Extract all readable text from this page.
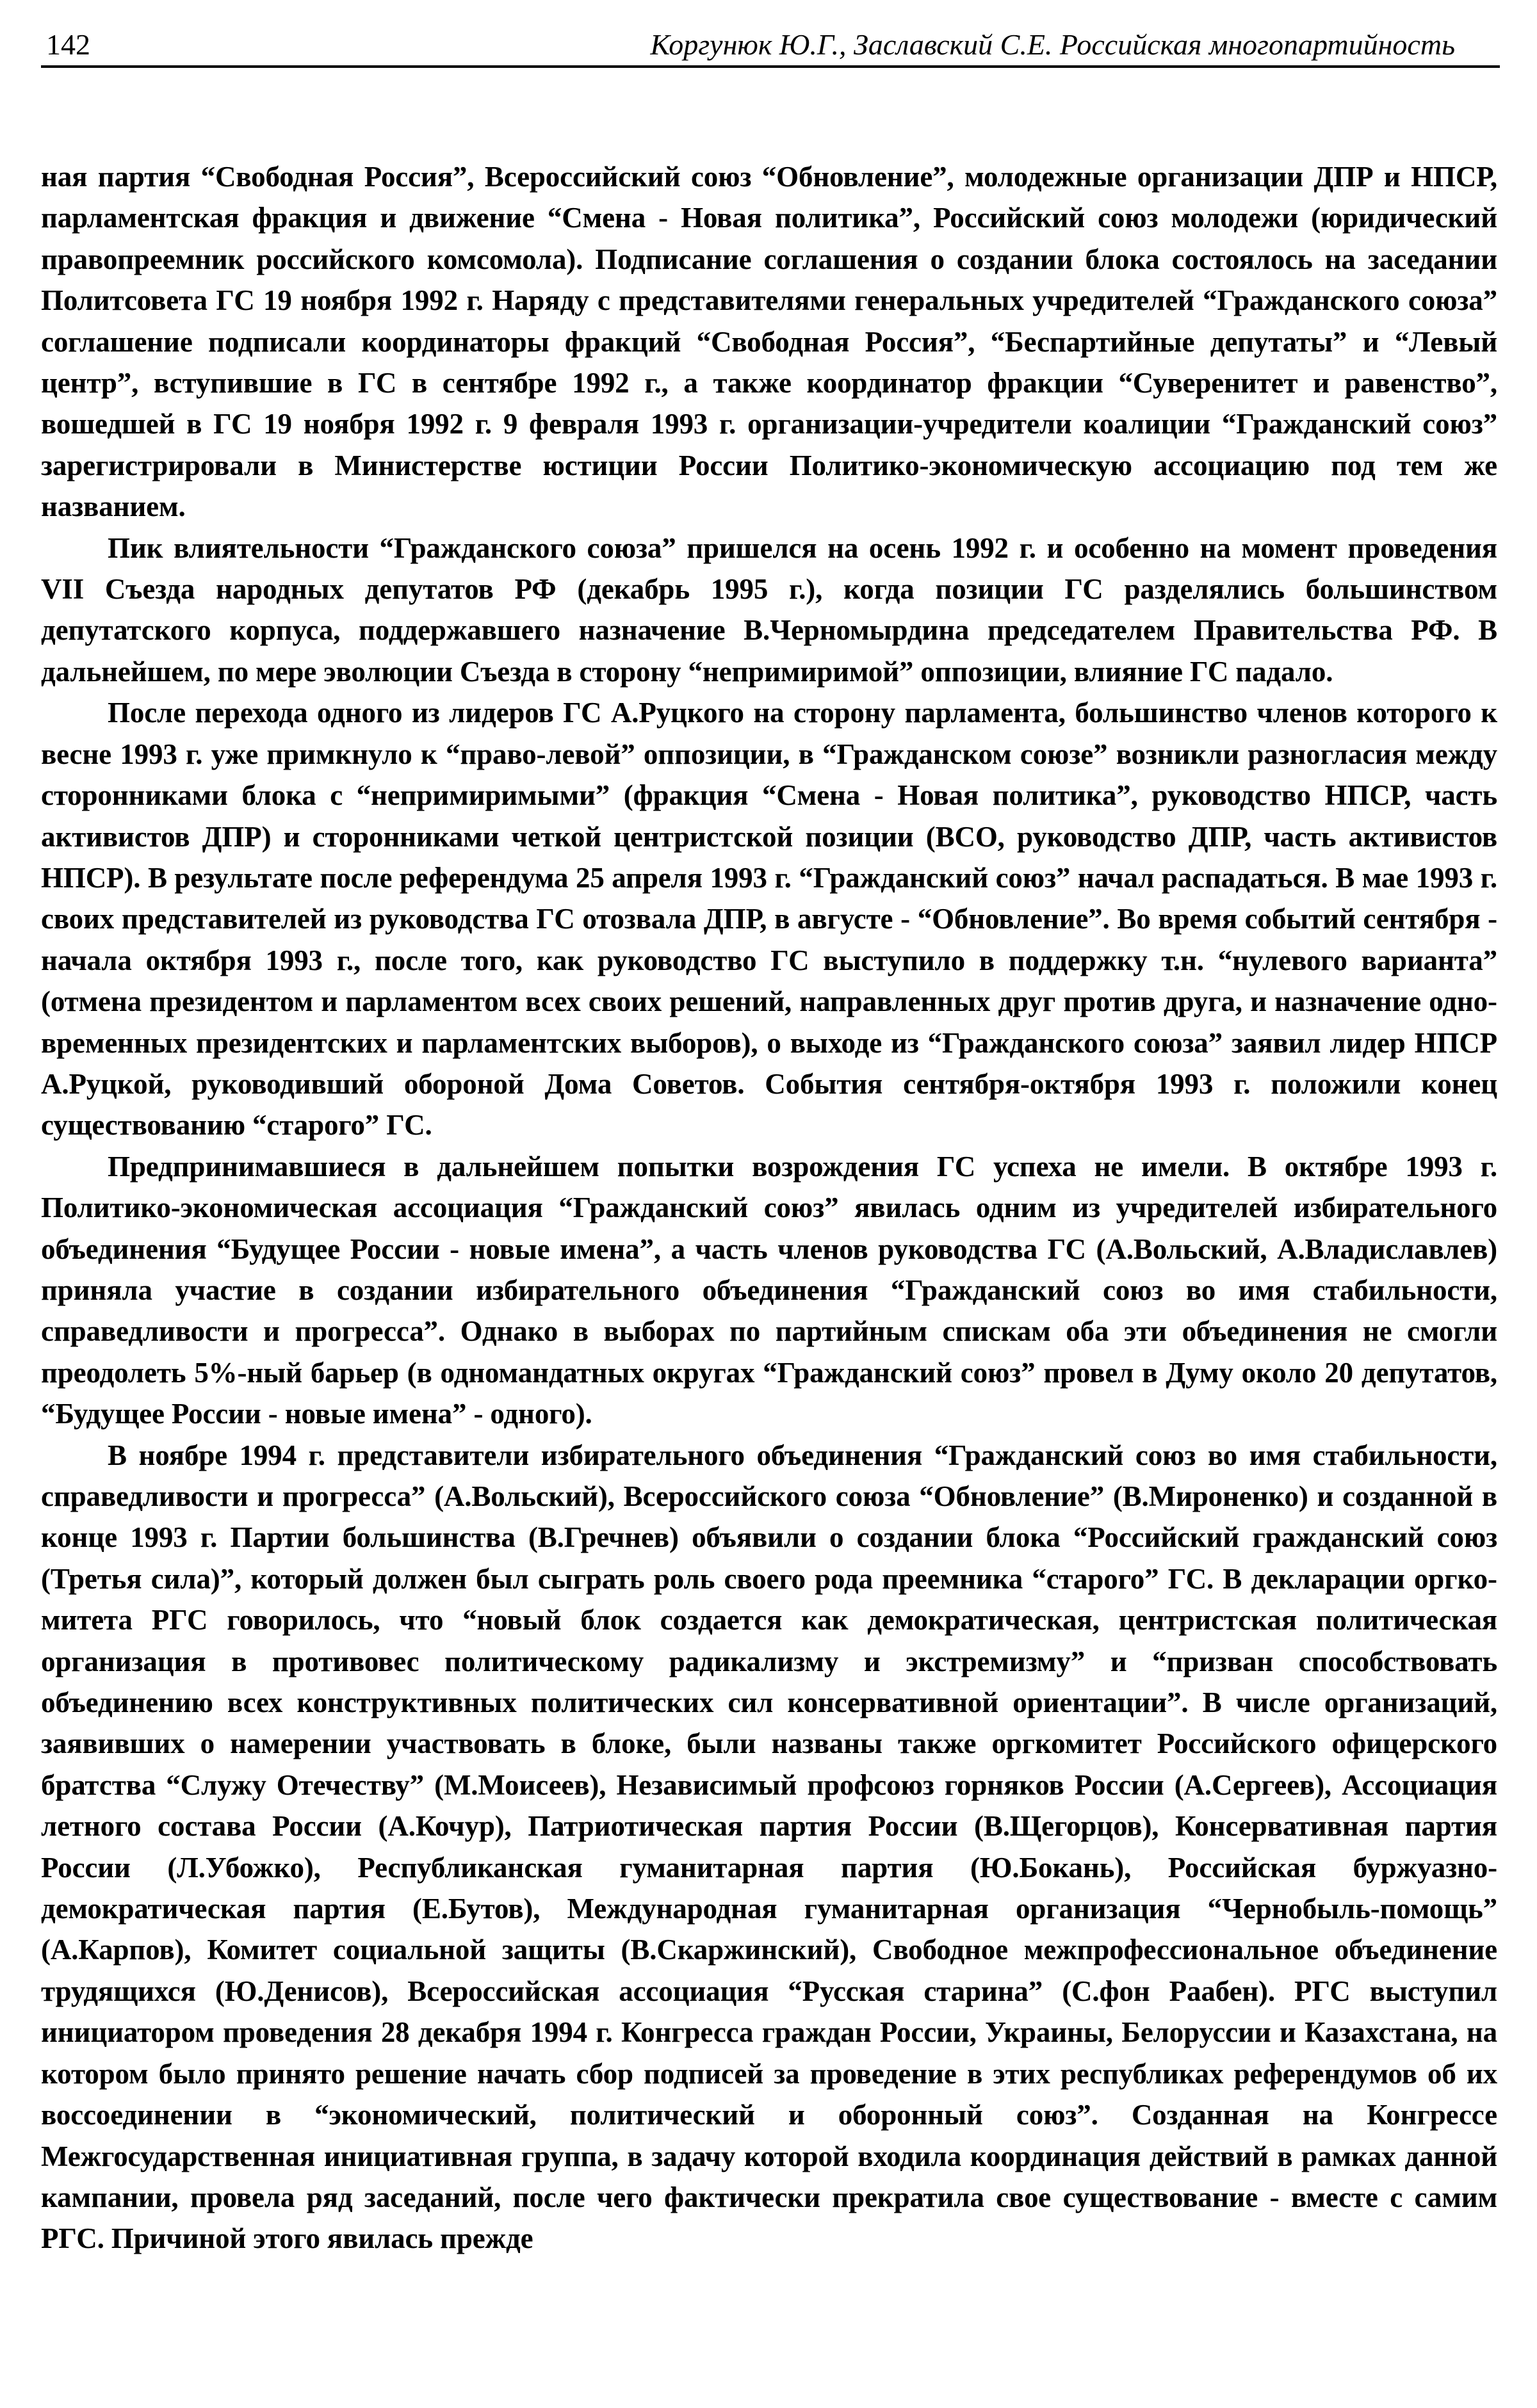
142	Коргунюк Ю.Г., Заславский С.Е. Российская многопартийность

ная партия “Свободная Россия”, Всероссийский союз “Обновление”, молодежные организации ДПР и НПСР, парламентская фракция и движение “Смена - Новая политика”, Российский союз молодежи (юридический правопреемник российского комсомола). Подписание соглашения о создании блока состоялось на заседании Политсовета ГС 19 ноября 1992 г. Наряду с представителями генеральных учредителей “Гражданского союза” соглашение подписали координаторы фракций “Свободная Россия”, “Беспартийные депутаты” и “Левый центр”, вступившие в ГС в сентябре 1992 г., а также координатор фракции “Суверенитет и равенство”, вошедшей в ГС 19 ноября 1992 г. 9 февраля 1993 г. организации-учредители коалиции “Гражданский союз” зарегистрировали в Министерстве юстиции России Политико-экономическую ассоциацию под тем же названием.

Пик влиятельности “Гражданского союза” пришелся на осень 1992 г. и особенно на момент проведения VII Съезда народных депутатов РФ (декабрь 1995 г.), когда позиции ГС разделялись большинством депутатского корпуса, поддержавшего назначение В.Черномырдина председателем Правительства РФ. В дальнейшем, по мере эволюции Съезда в сторону “непримиримой” оппозиции, влияние ГС падало.

После перехода одного из лидеров ГС А.Руцкого на сторону парламента, большинство членов которого к весне 1993 г. уже примкнуло к “право-левой” оппозиции, в “Гражданском союзе” возникли разногласия между сторонниками блока с “непримиримыми” (фракция “Смена - Новая политика”, руководство НПСР, часть активистов ДПР) и сторонниками четкой центристской позиции (ВСО, руководство ДПР, часть активистов НПСР). В результате после референдума 25 апреля 1993 г. “Гражданский союз” начал распадаться. В мае 1993 г. своих представителей из руководства ГС отозвала ДПР, в августе - “Обновление”. Во время событий сентября - начала октября 1993 г., после того, как руководство ГС выступило в поддержку т.н. “нулевого варианта” (отмена президентом и парламентом всех своих решений, направленных друг против друга, и назначение одновременных президентских и парламентских выборов), о выходе из “Гражданского союза” заявил лидер НПСР А.Руцкой, руководивший обороной Дома Советов. События сентября-октября 1993 г. положили конец существованию “старого” ГС.

Предпринимавшиеся в дальнейшем попытки возрождения ГС успеха не имели. В октябре 1993 г. Политико-экономическая ассоциация “Гражданский союз” явилась одним из учредителей избирательного объединения “Будущее России - новые имена”, а часть членов руководства ГС (А.Вольский, А.Владиславлев) приняла участие в создании избирательного объединения “Гражданский союз во имя стабильности, справедливости и прогресса”. Однако в выборах по партийным спискам оба эти объединения не смогли преодолеть 5%-ный барьер (в одномандатных округах “Гражданский союз” провел в Думу около 20 депутатов, “Будущее России - новые имена” - одного).

В ноябре 1994 г. представители избирательного объединения “Гражданский союз во имя стабильности, справедливости и прогресса” (А.Вольский), Всероссийского союза “Обновление” (В.Мироненко) и созданной в конце 1993 г. Партии большинства (В.Гречнев) объявили о создании блока “Российский гражданский союз (Третья сила)”, который должен был сыграть роль своего рода преемника “старого” ГС. В декларации оргкомитета РГС говорилось, что “новый блок создается как демократическая, центристская политическая организация в противовес политическому радикализму и экстремизму” и “призван способствовать объединению всех конструктивных политических сил консервативной ориентации”. В числе организаций, заявивших о намерении участвовать в блоке, были названы также оргкомитет Российского офицерского братства “Служу Отечеству” (М.Моисеев), Независимый профсоюз горняков России (А.Сергеев), Ассоциация летного состава России (А.Кочур), Патриотическая партия России (В.Щегорцов), Консервативная партия России (Л.Убожко), Республиканская гуманитарная партия (Ю.Бокань), Российская буржуазно-демократическая партия (Е.Бутов), Международная гуманитарная организация “Чернобыль-помощь” (А.Карпов), Комитет социальной защиты (В.Скаржинский), Свободное межпрофессиональное объединение трудящихся (Ю.Денисов), Всероссийская ассоциация “Русская старина” (С.фон Раабен). РГС выступил инициатором проведения 28 декабря 1994 г. Конгресса граждан России, Украины, Белоруссии и Казахстана, на котором было принято решение начать сбор подписей за проведение в этих республиках референдумов об их воссоединении в “экономический, политический и оборонный союз”. Созданная на Конгрессе Межгосударственная инициативная группа, в задачу которой входила координация действий в рамках данной кампании, провела ряд заседаний, после чего фактически прекратила свое существование - вместе с самим РГС. Причиной этого явилась прежде
